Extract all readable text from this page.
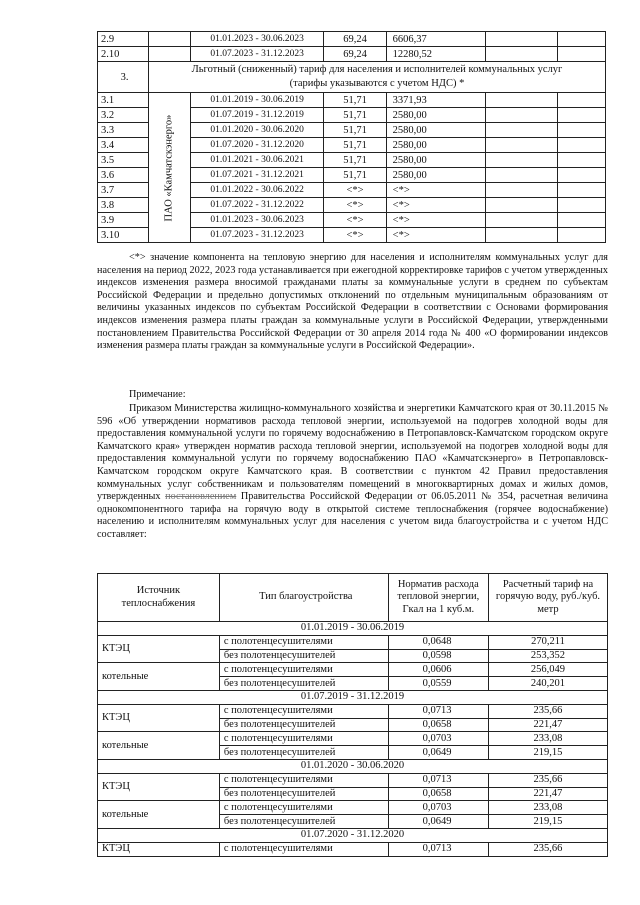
2.9		01.01.2023 - 30.06.2023	69,24	6606,37		
2.10		01.07.2023 - 31.12.2023	69,24	12280,52		
3.	Льготный (сниженный) тариф для населения и исполнителей коммунальных услуг
(тарифы указываются с учетом НДС) *					

3.1	ПАО «Камчатскэнерго»	01.01.2019 - 30.06.2019	51,71	3371,93		
3.2		01.07.2019 - 31.12.2019	51,71	2580,00		
3.3		01.01.2020 - 30.06.2020	51,71	2580,00		
3.4		01.07.2020 - 31.12.2020	51,71	2580,00		
3.5		01.01.2021 - 30.06.2021	51,71	2580,00		
3.6		01.07.2021 - 31.12.2021	51,71	2580,00		
3.7		01.01.2022 - 30.06.2022	<*>	<*>		
3.8		01.07.2022 - 31.12.2022	<*>	<*>		
3.9		01.01.2023 - 30.06.2023	<*>	<*>		
3.10		01.07.2023 - 31.12.2023	<*>	<*>		

<*> значение компонента на тепловую энергию для населения и исполнителям коммунальных услуг для населения на период 2022, 2023 года устанавливается при ежегодной корректировке тарифов с учетом утвержденных индексов изменения размера вносимой гражданами платы за коммунальные услуги в среднем по субъектам Российской Федерации и предельно допустимых отклонений по отдельным муниципальным образованиям от величины указанных индексов по субъектам Российской Федерации в соответствии с Основами формирования индексов изменения размера платы граждан за коммунальные услуги в Российской Федерации, утвержденными постановлением Правительства Российской Федерации от 30 апреля 2014 года № 400 «О формировании индексов изменения размера платы граждан за коммунальные услуги в Российской Федерации».

Примечание:

Приказом Министерства жилищно-коммунального хозяйства и энергетики Камчатского края от 30.11.2015 № 596 «Об утверждении нормативов расхода тепловой энергии, используемой на подогрев холодной воды для предоставления коммунальной услуги по горячему водоснабжению в Петропавловск-Камчатском городском округе Камчатского края» утвержден норматив расхода тепловой энергии, используемой на подогрев холодной воды для предоставления коммунальной услуги по горячему водоснабжению ПАО «Камчатскэнерго» в Петропавловск-Камчатском городском округе Камчатского края. В соответствии с пунктом 42 Правил предоставления коммунальных услуг собственникам и пользователям помещений в многоквартирных домах и жилых домов, утвержденных постановлением Правительства Российской Федерации от 06.05.2011 № 354, расчетная величина однокомпонентного тарифа на горячую воду в открытой системе теплоснабжения (горячее водоснабжение) населению и исполнителям коммунальных услуг для населения с учетом вида благоустройства и с учетом НДС составляет:

Источник теплоснабжения	Тип благоустройства	Норматив расхода тепловой энергии, Гкал на 1 куб.м.	Расчетный тариф на горячую воду, руб./куб. метр
01.01.2019 - 30.06.2019			
КТЭЦ	с полотенцесушителями	0,0648	270,211
	без полотенцесушителей	0,0598	253,352
котельные	с полотенцесушителями	0,0606	256,049
	без полотенцесушителей	0,0559	240,201
01.07.2019 - 31.12.2019			
КТЭЦ	с полотенцесушителями	0,0713	235,66
	без полотенцесушителей	0,0658	221,47
котельные	с полотенцесушителями	0,0703	233,08
	без полотенцесушителей	0,0649	219,15
01.01.2020 - 30.06.2020			
КТЭЦ	с полотенцесушителями	0,0713	235,66
	без полотенцесушителей	0,0658	221,47
котельные	с полотенцесушителями	0,0703	233,08
	без полотенцесушителей	0,0649	219,15
01.07.2020 - 31.12.2020			
КТЭЦ	с полотенцесушителями	0,0713	235,66
